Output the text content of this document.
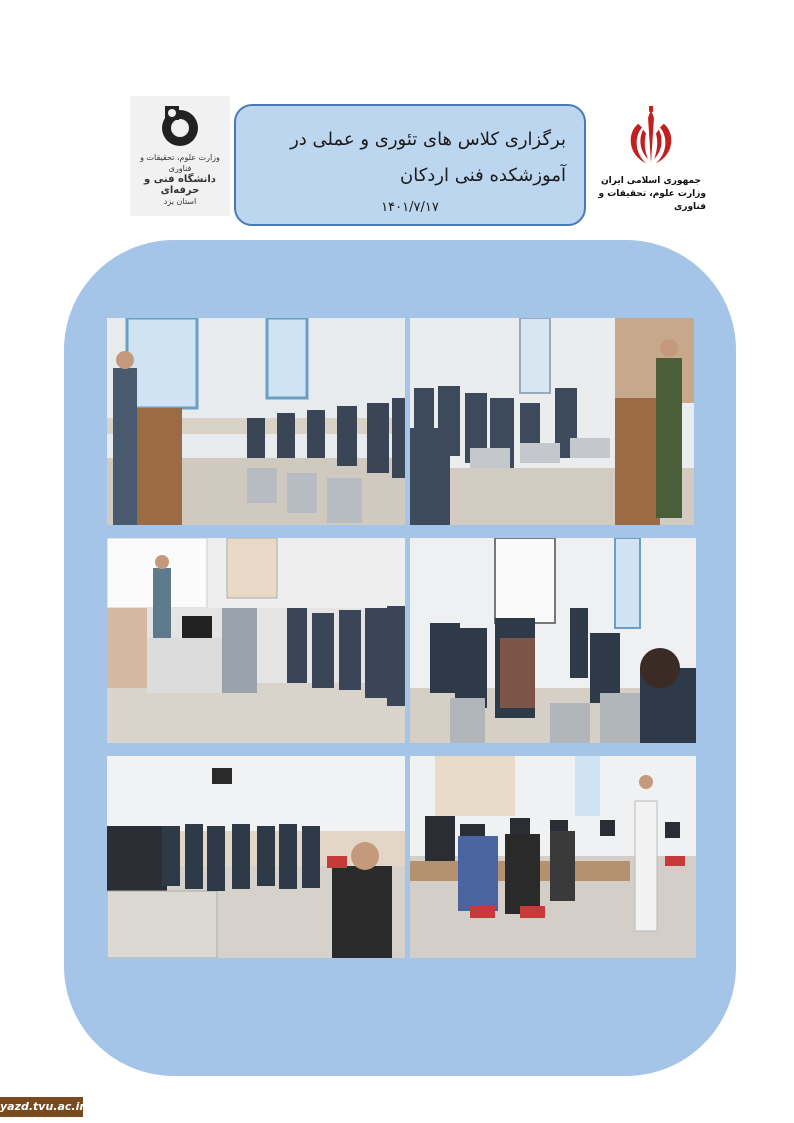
وزارت علوم، تحقیقات و فناوری
دانشگاه فنی و حرفه‌ای
استان یزد
برگزاری کلاس های تئوری و عملی در آموزشکده فنی اردکان
۱۴۰۱/۷/۱۷
جمهوری اسلامی ایران
وزارت علوم، تحقیقات و فناوری
yazd.tvu.ac.ir
